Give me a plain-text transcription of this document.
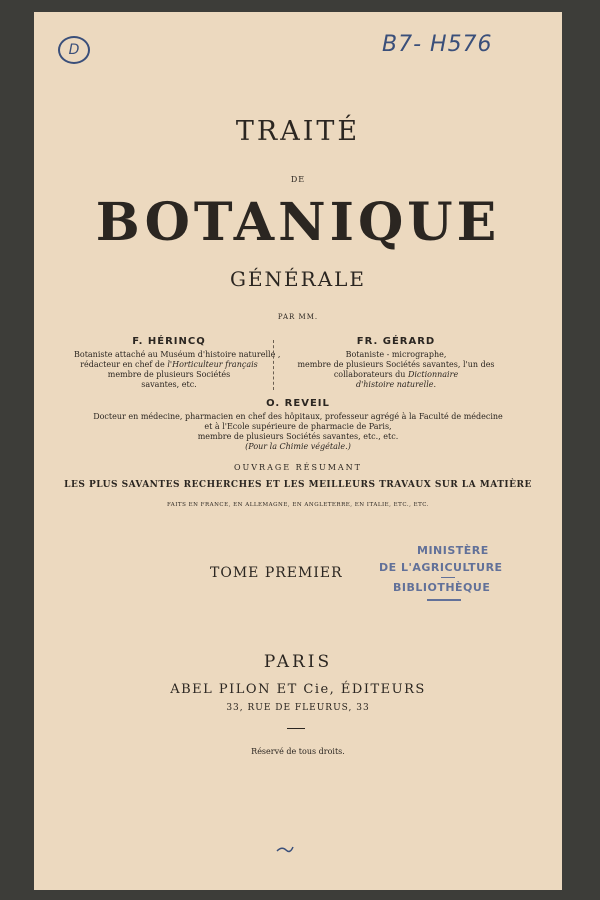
D	B7- H576
TRAITÉ
DE
BOTANIQUE
GÉNÉRALE
PAR MM.
F. HÉRINCQ
Botaniste attaché au Muséum d'histoire naturelle ,
rédacteur en chef de l'Horticulteur français
membre de plusieurs Sociétés
savantes, etc.
FR. GÉRARD
Botaniste - micrographe,
membre de plusieurs Sociétés savantes, l'un des
collaborateurs du Dictionnaire
d'histoire naturelle.
O. REVEIL
Docteur en médecine, pharmacien en chef des hôpitaux, professeur agrégé à la Faculté de médecine
et à l'Ecole supérieure de pharmacie de Paris,
membre de plusieurs Sociétés savantes, etc., etc.
(Pour la Chimie végétale.)
OUVRAGE RÉSUMANT
LES PLUS SAVANTES RECHERCHES ET LES MEILLEURS TRAVAUX SUR LA MATIÈRE
FAITS EN FRANCE, EN ALLEMAGNE, EN ANGLETERRE, EN ITALIE, ETC., ETC.
TOME PREMIER
MINISTÈRE
DE L'AGRICULTURE
BIBLIOTHÈQUE
PARIS
ABEL PILON ET Cie, ÉDITEURS
33, RUE DE FLEURUS, 33
Réservé de tous droits.
